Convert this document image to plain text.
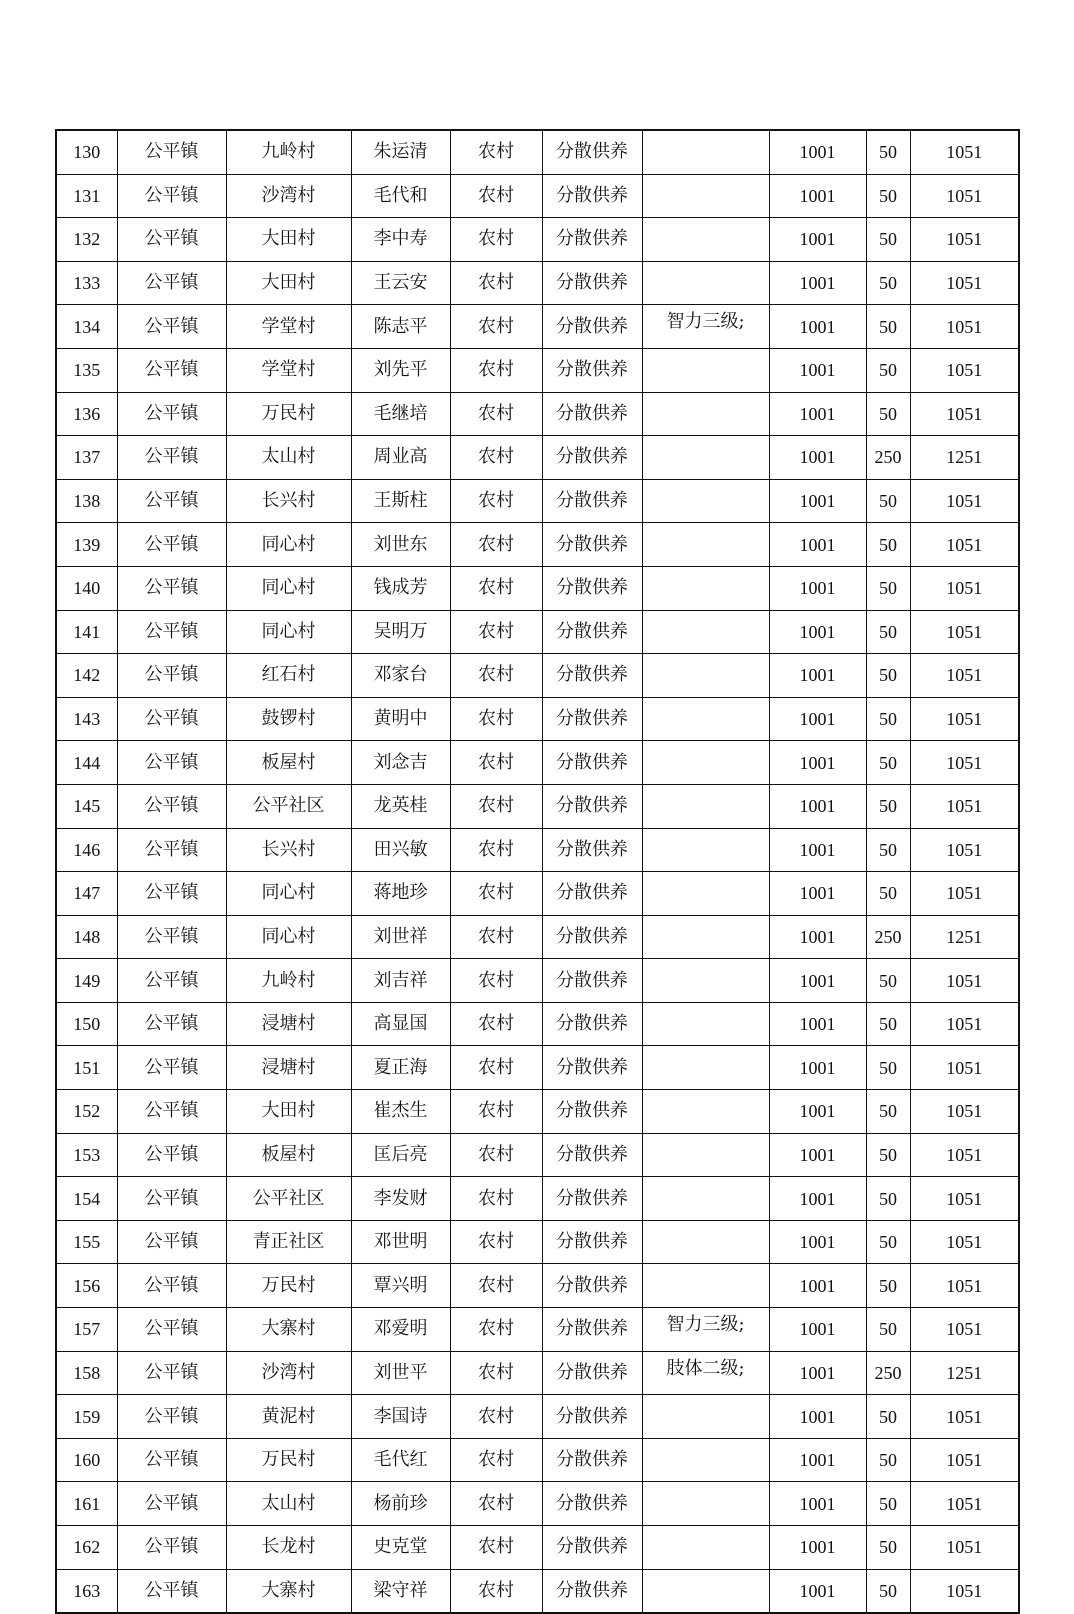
130	公平镇	九岭村	朱运清	农村	分散供养		1001	50	1051
131	公平镇	沙湾村	毛代和	农村	分散供养		1001	50	1051
132	公平镇	大田村	李中寿	农村	分散供养		1001	50	1051
133	公平镇	大田村	王云安	农村	分散供养		1001	50	1051
134	公平镇	学堂村	陈志平	农村	分散供养	智力三级;	1001	50	1051
135	公平镇	学堂村	刘先平	农村	分散供养		1001	50	1051
136	公平镇	万民村	毛继培	农村	分散供养		1001	50	1051
137	公平镇	太山村	周业高	农村	分散供养		1001	250	1251
138	公平镇	长兴村	王斯柱	农村	分散供养		1001	50	1051
139	公平镇	同心村	刘世东	农村	分散供养		1001	50	1051
140	公平镇	同心村	钱成芳	农村	分散供养		1001	50	1051
141	公平镇	同心村	吴明万	农村	分散供养		1001	50	1051
142	公平镇	红石村	邓家台	农村	分散供养		1001	50	1051
143	公平镇	鼓锣村	黄明中	农村	分散供养		1001	50	1051
144	公平镇	板屋村	刘念吉	农村	分散供养		1001	50	1051
145	公平镇	公平社区	龙英桂	农村	分散供养		1001	50	1051
146	公平镇	长兴村	田兴敏	农村	分散供养		1001	50	1051
147	公平镇	同心村	蒋地珍	农村	分散供养		1001	50	1051
148	公平镇	同心村	刘世祥	农村	分散供养		1001	250	1251
149	公平镇	九岭村	刘吉祥	农村	分散供养		1001	50	1051
150	公平镇	浸塘村	高显国	农村	分散供养		1001	50	1051
151	公平镇	浸塘村	夏正海	农村	分散供养		1001	50	1051
152	公平镇	大田村	崔杰生	农村	分散供养		1001	50	1051
153	公平镇	板屋村	匡后亮	农村	分散供养		1001	50	1051
154	公平镇	公平社区	李发财	农村	分散供养		1001	50	1051
155	公平镇	青正社区	邓世明	农村	分散供养		1001	50	1051
156	公平镇	万民村	覃兴明	农村	分散供养		1001	50	1051
157	公平镇	大寨村	邓爱明	农村	分散供养	智力三级;	1001	50	1051
158	公平镇	沙湾村	刘世平	农村	分散供养	肢体二级;	1001	250	1251
159	公平镇	黄泥村	李国诗	农村	分散供养		1001	50	1051
160	公平镇	万民村	毛代红	农村	分散供养		1001	50	1051
161	公平镇	太山村	杨前珍	农村	分散供养		1001	50	1051
162	公平镇	长龙村	史克堂	农村	分散供养		1001	50	1051
163	公平镇	大寨村	梁守祥	农村	分散供养		1001	50	1051
